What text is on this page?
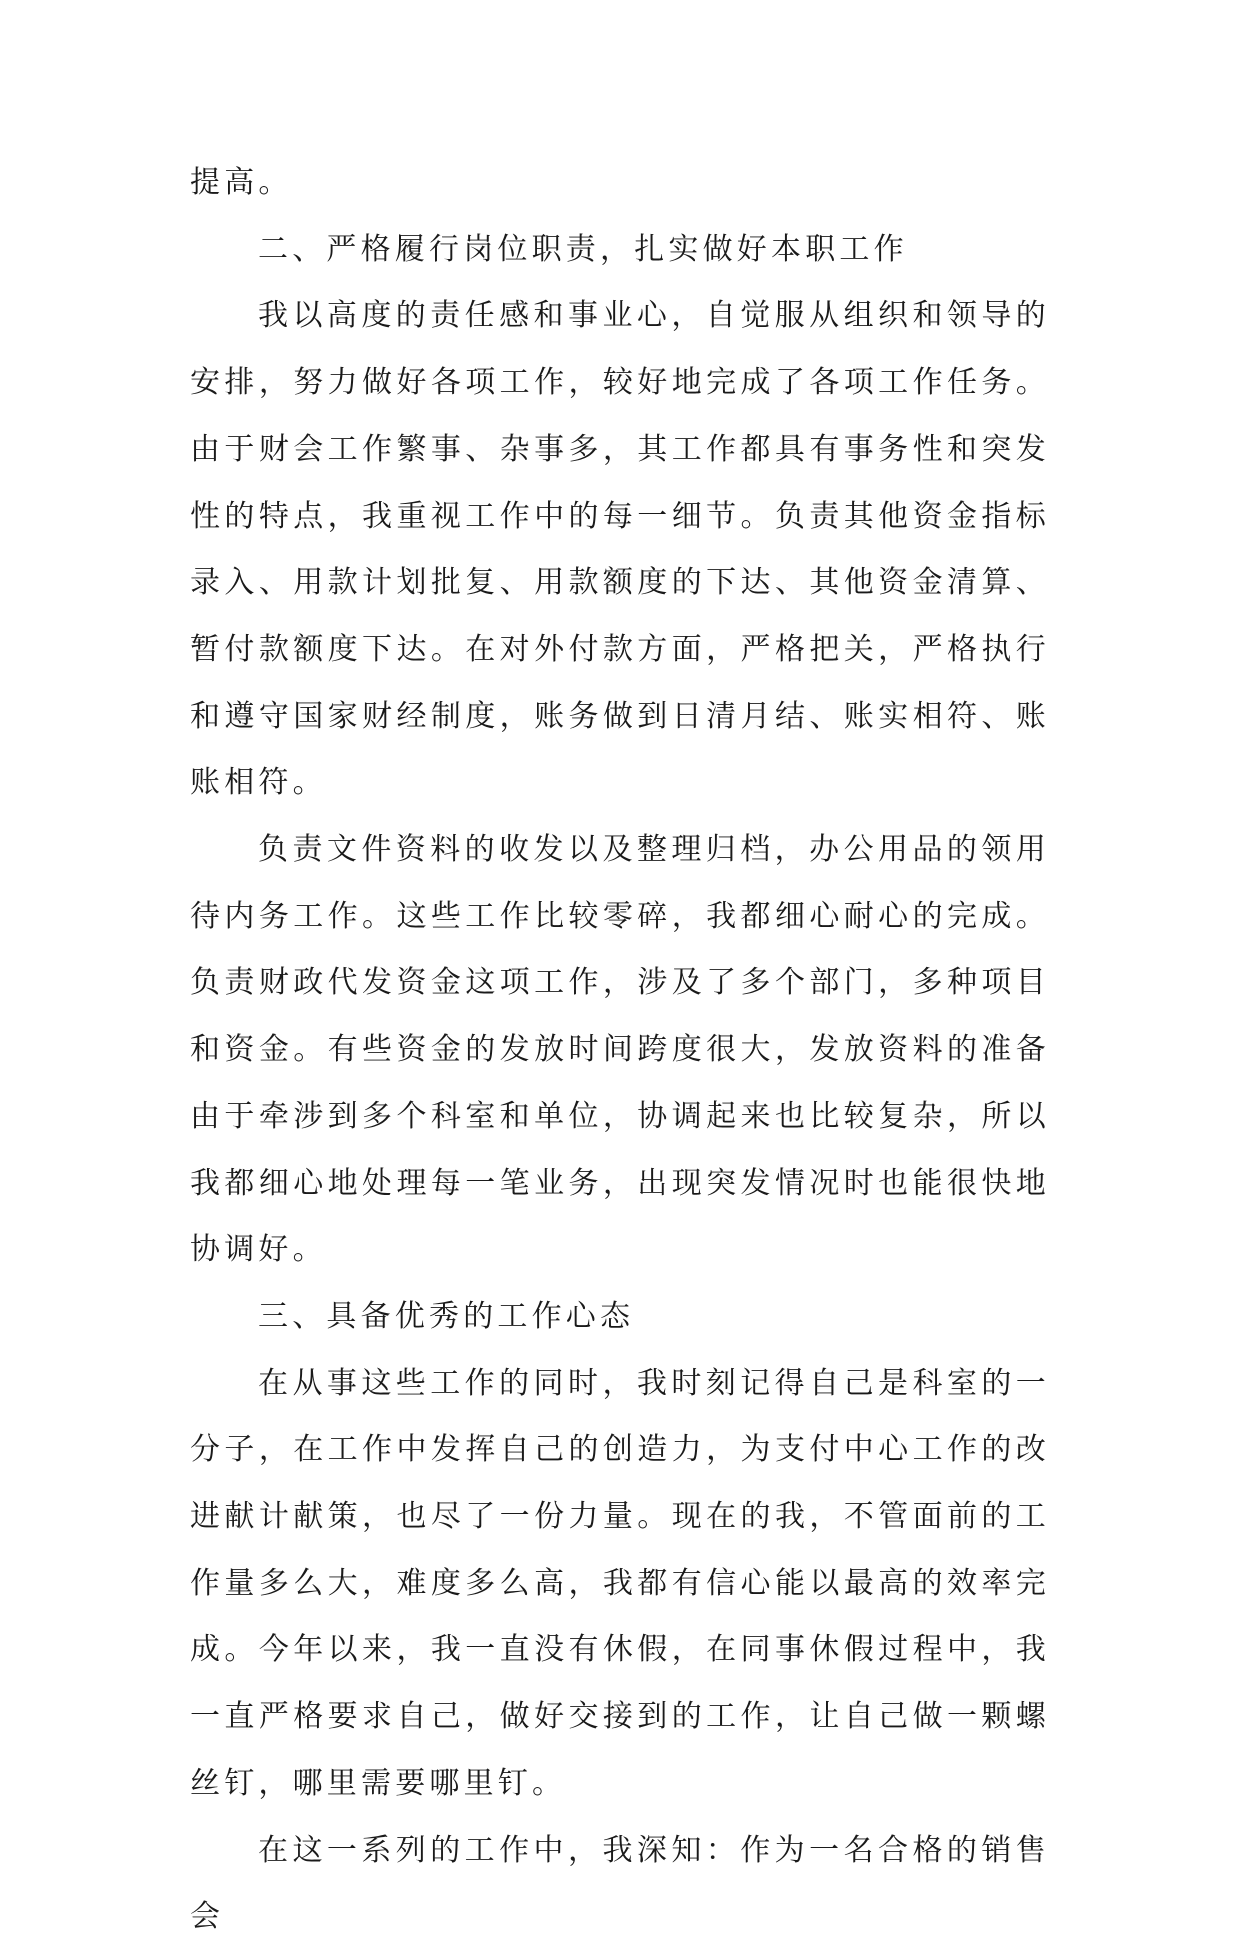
提高。

二、严格履行岗位职责，扎实做好本职工作

我以高度的责任感和事业心，自觉服从组织和领导的安排，努力做好各项工作，较好地完成了各项工作任务。由于财会工作繁事、杂事多，其工作都具有事务性和突发性的特点，我重视工作中的每一细节。负责其他资金指标录入、用款计划批复、用款额度的下达、其他资金清算、暂付款额度下达。在对外付款方面，严格把关，严格执行和遵守国家财经制度，账务做到日清月结、账实相符、账账相符。

负责文件资料的收发以及整理归档，办公用品的领用待内务工作。这些工作比较零碎，我都细心耐心的完成。负责财政代发资金这项工作，涉及了多个部门，多种项目和资金。有些资金的发放时间跨度很大，发放资料的准备由于牵涉到多个科室和单位，协调起来也比较复杂，所以我都细心地处理每一笔业务，出现突发情况时也能很快地协调好。

三、具备优秀的工作心态

在从事这些工作的同时，我时刻记得自己是科室的一分子，在工作中发挥自己的创造力，为支付中心工作的改进献计献策，也尽了一份力量。现在的我，不管面前的工作量多么大，难度多么高，我都有信心能以最高的效率完成。今年以来，我一直没有休假，在同事休假过程中，我一直严格要求自己，做好交接到的工作，让自己做一颗螺丝钉，哪里需要哪里钉。

在这一系列的工作中，我深知：作为一名合格的销售会
